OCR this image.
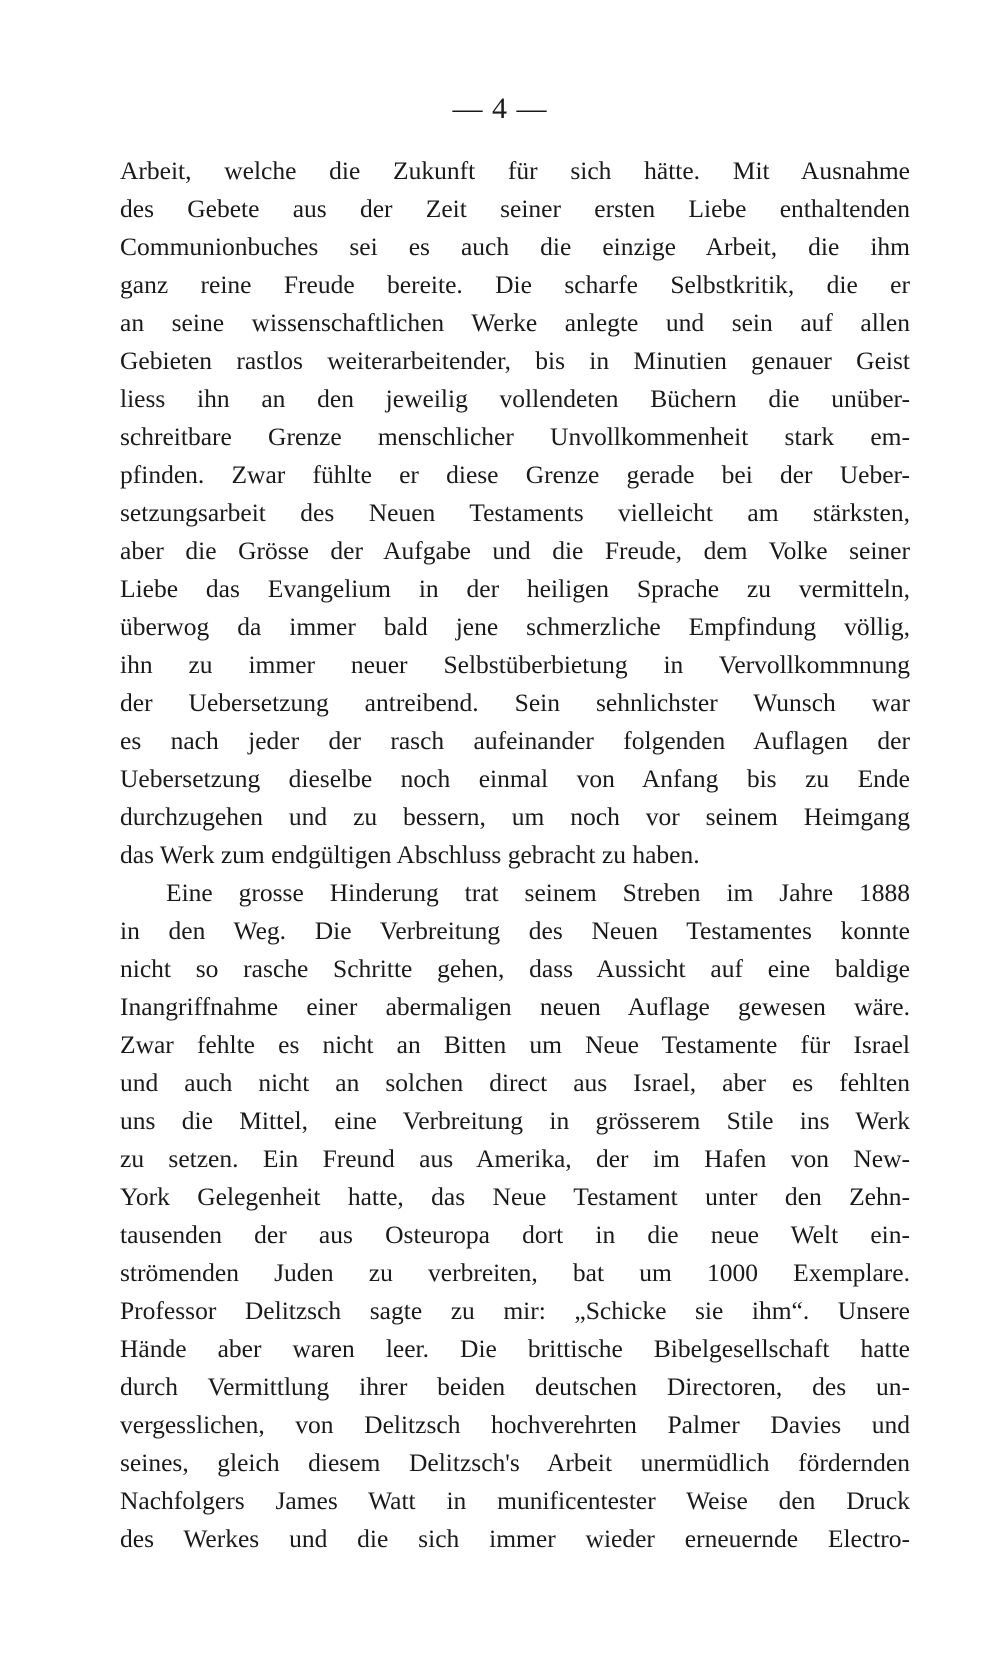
— 4 —
Arbeit, welche die Zukunft für sich hätte. Mit Ausnahme
des Gebete aus der Zeit seiner ersten Liebe enthaltenden
Communionbuches sei es auch die einzige Arbeit, die ihm
ganz reine Freude bereite. Die scharfe Selbstkritik, die er
an seine wissenschaftlichen Werke anlegte und sein auf allen
Gebieten rastlos weiterarbeitender, bis in Minutien genauer Geist
liess ihn an den jeweilig vollendeten Büchern die unüber-
schreitbare Grenze menschlicher Unvollkommenheit stark em-
pfinden. Zwar fühlte er diese Grenze gerade bei der Ueber-
setzungsarbeit des Neuen Testaments vielleicht am stärksten,
aber die Grösse der Aufgabe und die Freude, dem Volke seiner
Liebe das Evangelium in der heiligen Sprache zu vermitteln,
überwog da immer bald jene schmerzliche Empfindung völlig,
ihn zu immer neuer Selbstüberbietung in Vervollkommnung
der Uebersetzung antreibend. Sein sehnlichster Wunsch war
es nach jeder der rasch aufeinander folgenden Auflagen der
Uebersetzung dieselbe noch einmal von Anfang bis zu Ende
durchzugehen und zu bessern, um noch vor seinem Heimgang
das Werk zum endgültigen Abschluss gebracht zu haben.
Eine grosse Hinderung trat seinem Streben im Jahre 1888
in den Weg. Die Verbreitung des Neuen Testamentes konnte
nicht so rasche Schritte gehen, dass Aussicht auf eine baldige
Inangriffnahme einer abermaligen neuen Auflage gewesen wäre.
Zwar fehlte es nicht an Bitten um Neue Testamente für Israel
und auch nicht an solchen direct aus Israel, aber es fehlten
uns die Mittel, eine Verbreitung in grösserem Stile ins Werk
zu setzen. Ein Freund aus Amerika, der im Hafen von New-
York Gelegenheit hatte, das Neue Testament unter den Zehn-
tausenden der aus Osteuropa dort in die neue Welt ein-
strömenden Juden zu verbreiten, bat um 1000 Exemplare.
Professor Delitzsch sagte zu mir: „Schicke sie ihm“. Unsere
Hände aber waren leer. Die brittische Bibelgesellschaft hatte
durch Vermittlung ihrer beiden deutschen Directoren, des un-
vergesslichen, von Delitzsch hochverehrten Palmer Davies und
seines, gleich diesem Delitzsch's Arbeit unermüdlich fördernden
Nachfolgers James Watt in munificentester Weise den Druck
des Werkes und die sich immer wieder erneuernde Electro-
